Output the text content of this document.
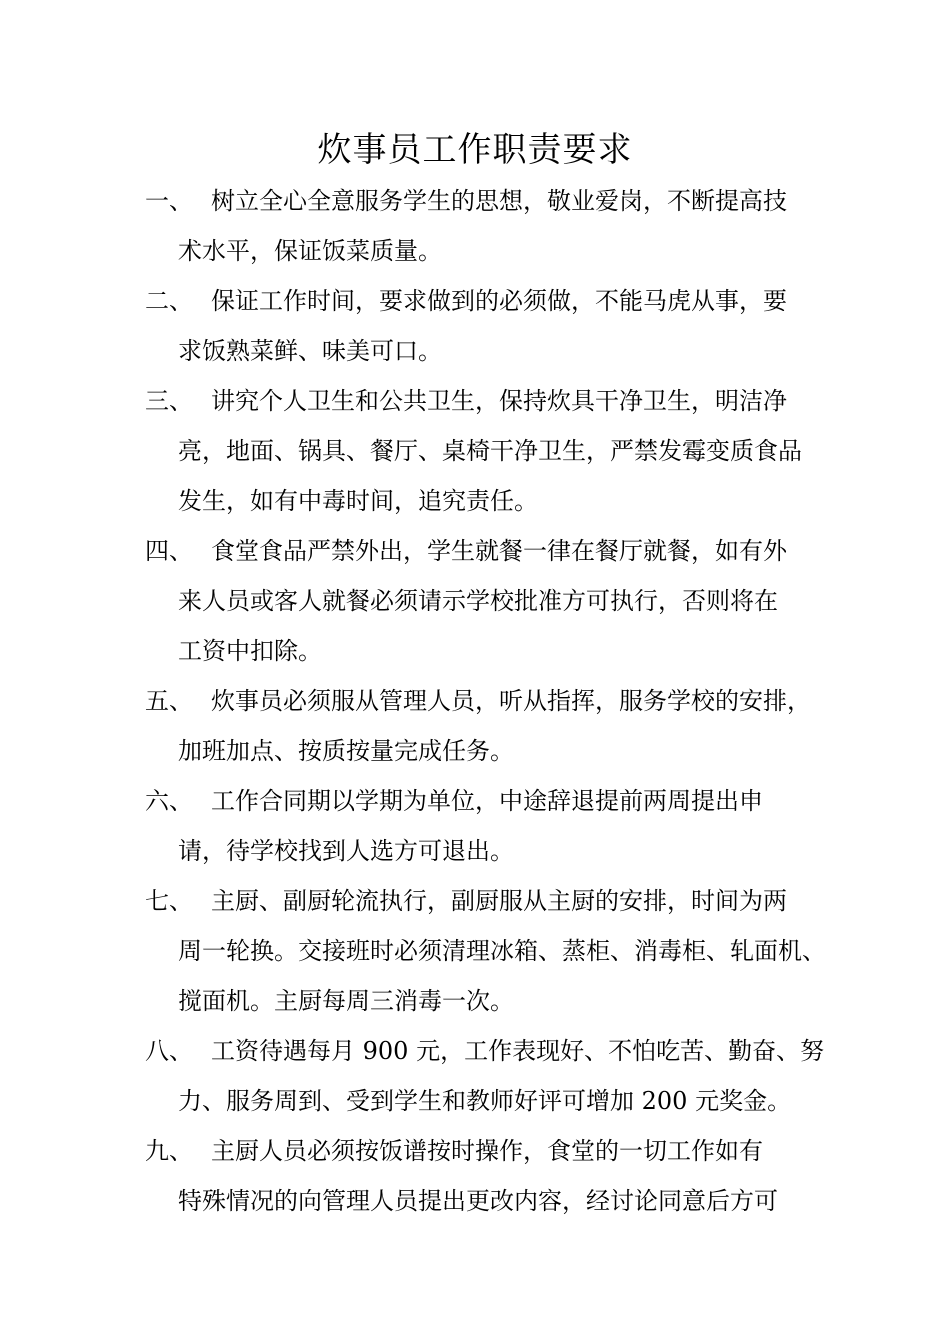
炊事员工作职责要求
一、 树立全心全意服务学生的思想，敬业爱岗，不断提高技
术水平，保证饭菜质量。
二、 保证工作时间，要求做到的必须做，不能马虎从事，要
求饭熟菜鲜、味美可口。
三、 讲究个人卫生和公共卫生，保持炊具干净卫生，明洁净
亮，地面、锅具、餐厅、桌椅干净卫生，严禁发霉变质食品
发生，如有中毒时间，追究责任。
四、 食堂食品严禁外出，学生就餐一律在餐厅就餐，如有外
来人员或客人就餐必须请示学校批准方可执行，否则将在
工资中扣除。
五、 炊事员必须服从管理人员，听从指挥，服务学校的安排，
加班加点、按质按量完成任务。
六、 工作合同期以学期为单位，中途辞退提前两周提出申
请，待学校找到人选方可退出。
七、 主厨、副厨轮流执行，副厨服从主厨的安排，时间为两
周一轮换。交接班时必须清理冰箱、蒸柜、消毒柜、轧面机、
搅面机。主厨每周三消毒一次。
八、 工资待遇每月 900 元，工作表现好、不怕吃苦、勤奋、努
力、服务周到、受到学生和教师好评可增加 200 元奖金。
九、 主厨人员必须按饭谱按时操作，食堂的一切工作如有
特殊情况的向管理人员提出更改内容，经讨论同意后方可
